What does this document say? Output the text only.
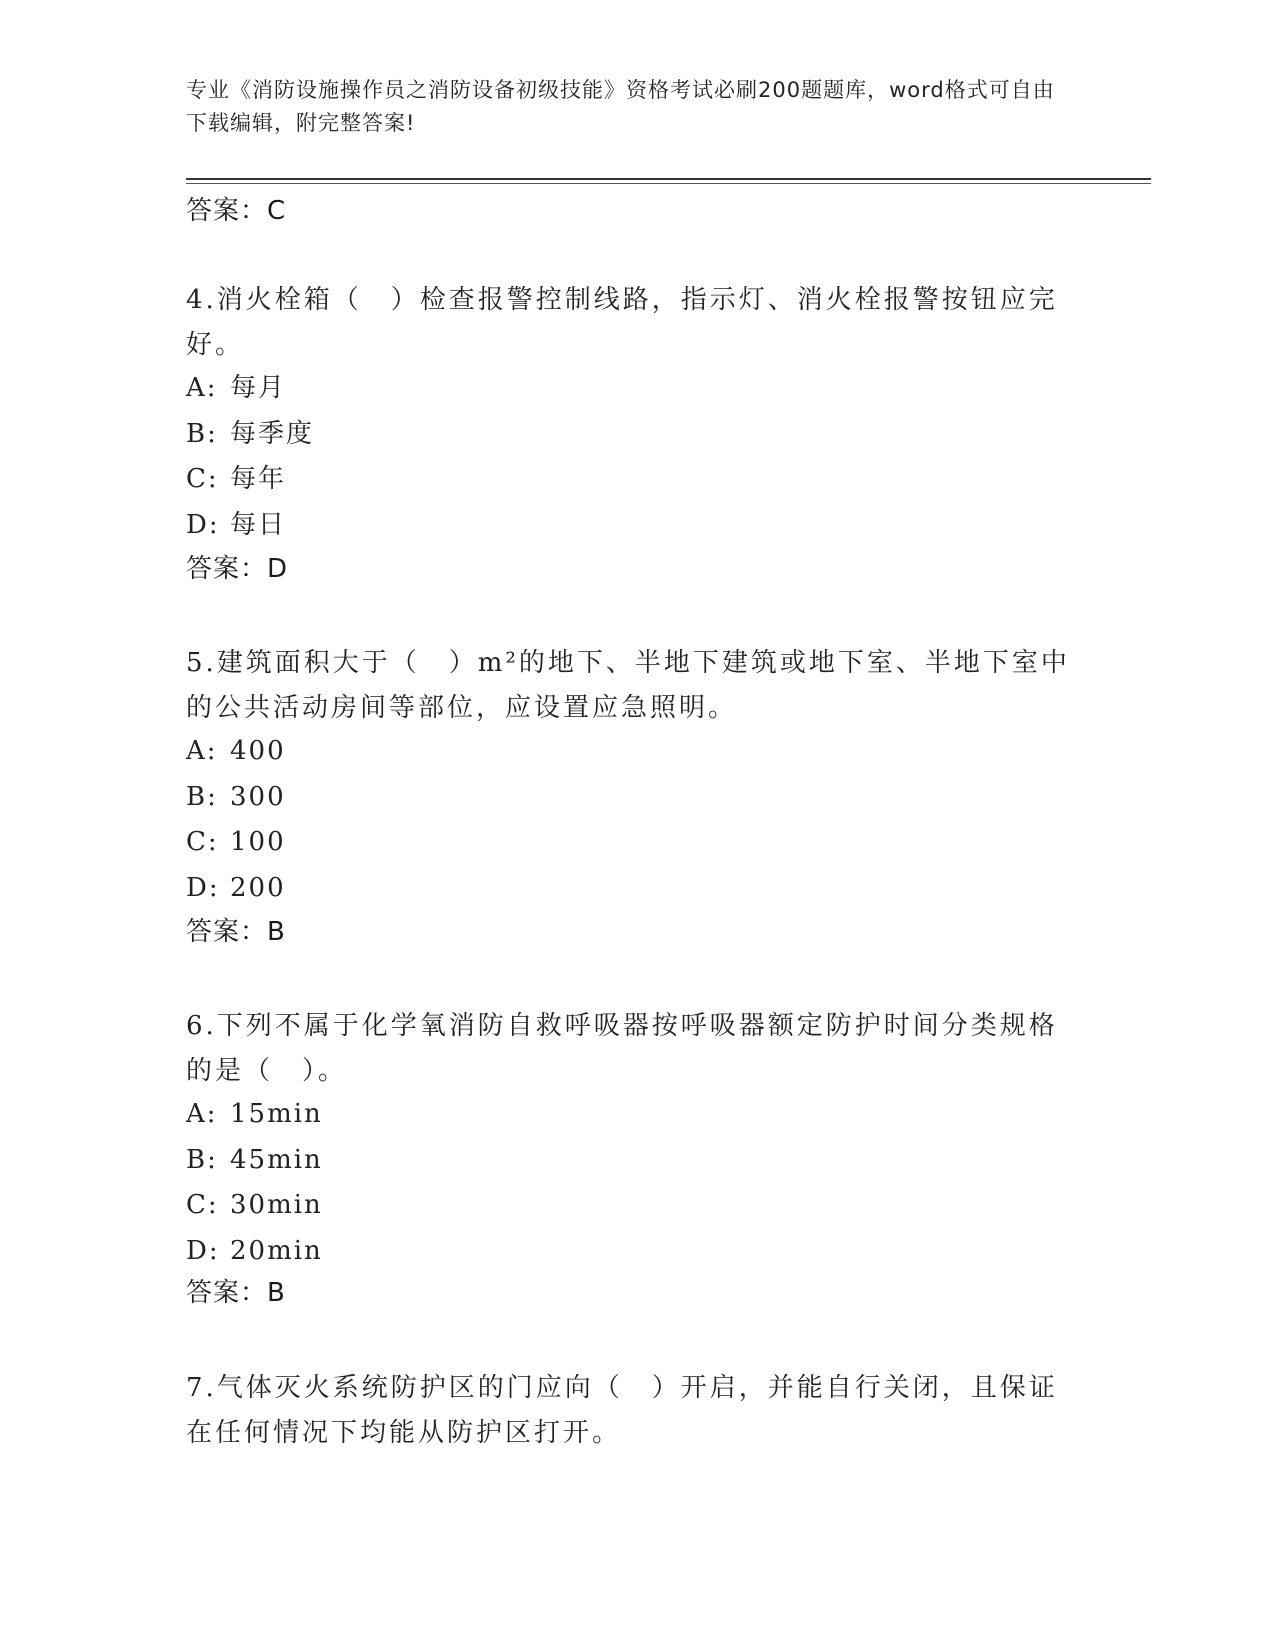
专业《消防设施操作员之消防设备初级技能》资格考试必刷200题题库，word格式可自由下载编辑，附完整答案!
答案：C
4.消火栓箱（　）检查报警控制线路，指示灯、消火栓报警按钮应完好。
A: 每月
B: 每季度
C: 每年
D: 每日
答案：D
5.建筑面积大于（　）m²的地下、半地下建筑或地下室、半地下室中的公共活动房间等部位，应设置应急照明。
A: 400
B: 300
C: 100
D: 200
答案：B
6.下列不属于化学氧消防自救呼吸器按呼吸器额定防护时间分类规格的是（　）。
A: 15min
B: 45min
C: 30min
D: 20min
答案：B
7.气体灭火系统防护区的门应向（　）开启，并能自行关闭，且保证在任何情况下均能从防护区打开。
